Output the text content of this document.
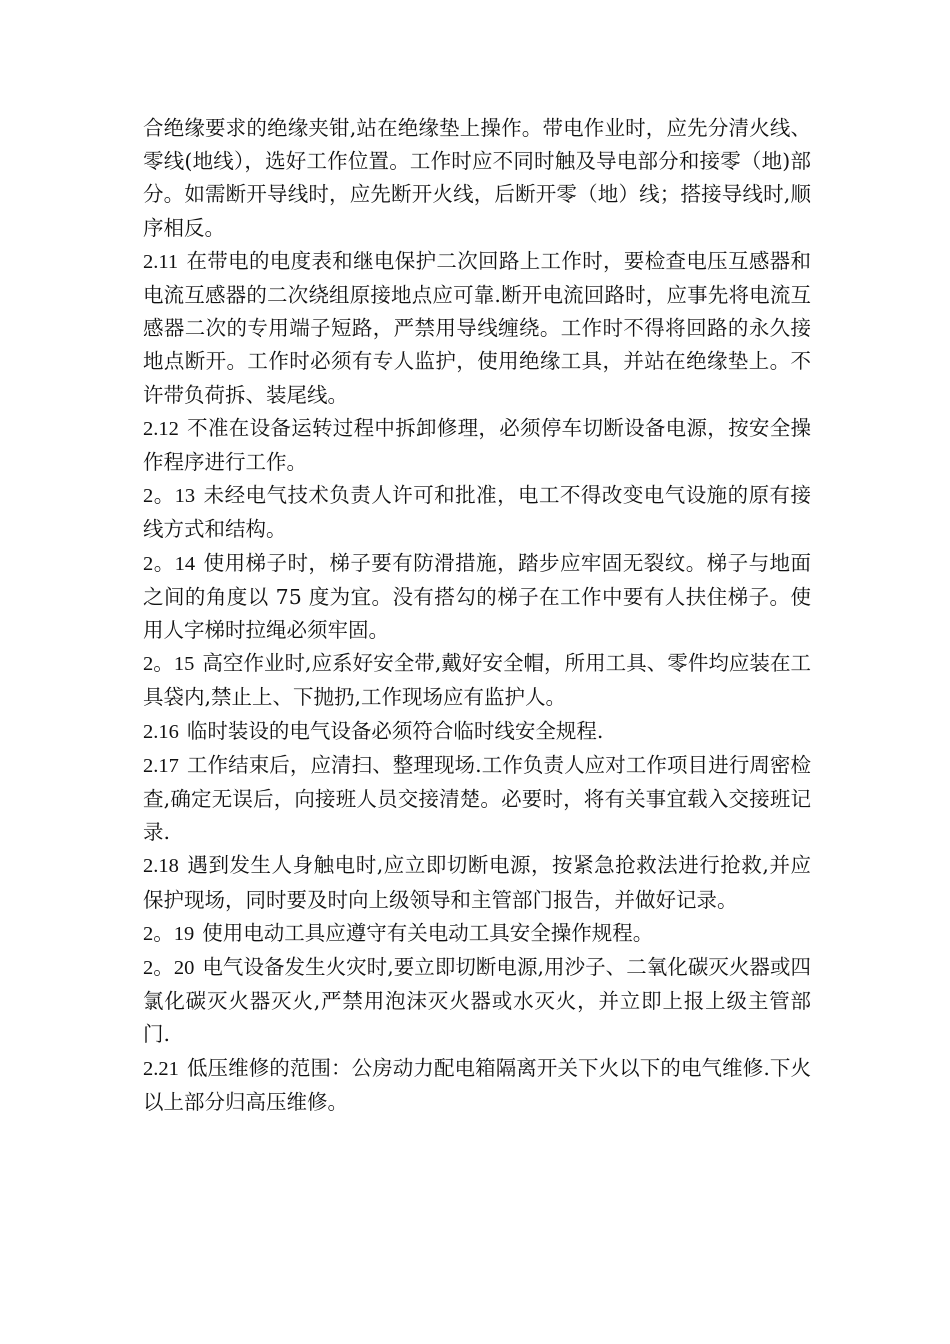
合绝缘要求的绝缘夹钳,站在绝缘垫上操作。带电作业时，应先分清火线、零线(地线），选好工作位置。工作时应不同时触及导电部分和接零（地)部分。如需断开导线时，应先断开火线，后断开零（地）线；搭接导线时,顺序相反。

2.11 在带电的电度表和继电保护二次回路上工作时，要检查电压互感器和电流互感器的二次绕组原接地点应可靠.断开电流回路时，应事先将电流互感器二次的专用端子短路，严禁用导线缠绕。工作时不得将回路的永久接地点断开。工作时必须有专人监护，使用绝缘工具，并站在绝缘垫上。不许带负荷拆、装尾线。

2.12 不准在设备运转过程中拆卸修理，必须停车切断设备电源，按安全操作程序进行工作。

2。13 未经电气技术负责人许可和批准，电工不得改变电气设施的原有接线方式和结构。

2。14 使用梯子时，梯子要有防滑措施，踏步应牢固无裂纹。梯子与地面之间的角度以 75 度为宜。没有搭勾的梯子在工作中要有人扶住梯子。使用人字梯时拉绳必须牢固。

2。15 高空作业时,应系好安全带,戴好安全帽，所用工具、零件均应装在工具袋内,禁止上、下抛扔,工作现场应有监护人。

2.16 临时装设的电气设备必须符合临时线安全规程.

2.17 工作结束后，应清扫、整理现场.工作负责人应对工作项目进行周密检查,确定无误后，向接班人员交接清楚。必要时，将有关事宜载入交接班记录.

2.18 遇到发生人身触电时,应立即切断电源，按紧急抢救法进行抢救,并应保护现场，同时要及时向上级领导和主管部门报告，并做好记录。

2。19 使用电动工具应遵守有关电动工具安全操作规程。

2。20 电气设备发生火灾时,要立即切断电源,用沙子、二氧化碳灭火器或四氯化碳灭火器灭火,严禁用泡沫灭火器或水灭火，并立即上报上级主管部门.

2.21 低压维修的范围：公房动力配电箱隔离开关下火以下的电气维修.下火以上部分归高压维修。
